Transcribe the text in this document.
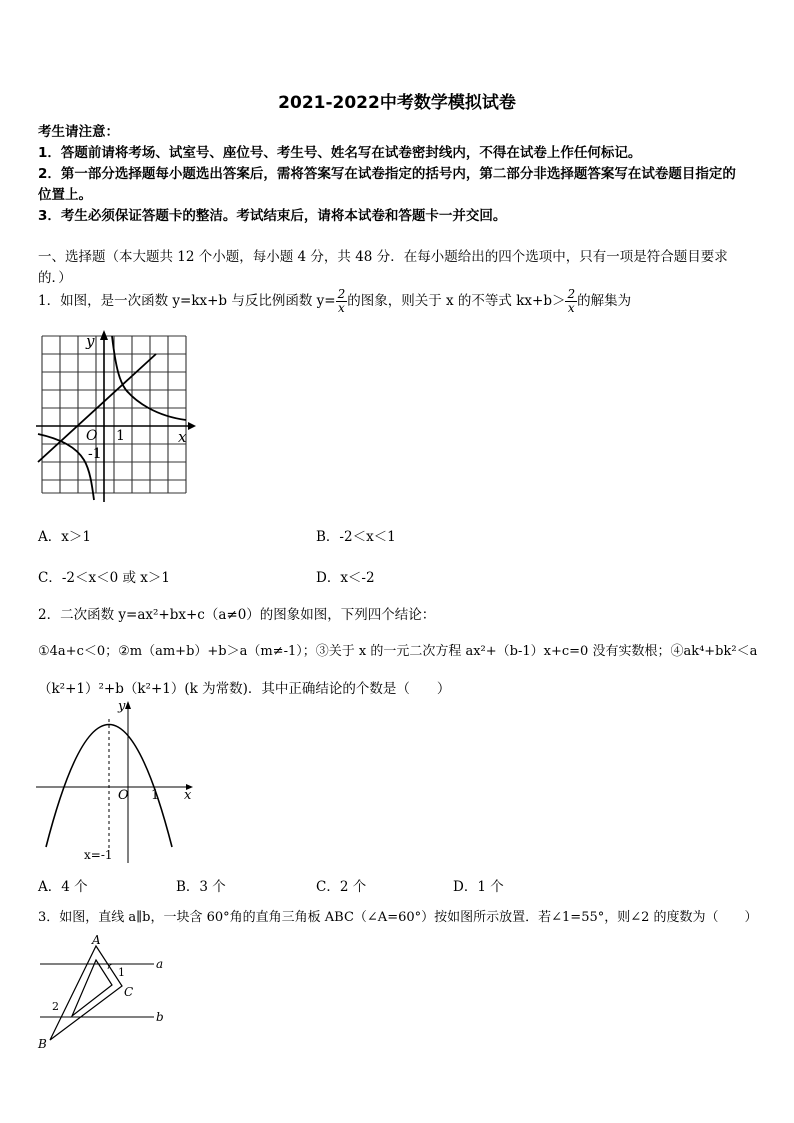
2021-2022中考数学模拟试卷
考生请注意：
1．答题前请将考场、试室号、座位号、考生号、姓名写在试卷密封线内，不得在试卷上作任何标记。
2．第一部分选择题每小题选出答案后，需将答案写在试卷指定的括号内，第二部分非选择题答案写在试卷题目指定的
位置上。
3．考生必须保证答题卡的整洁。考试结束后，请将本试卷和答题卡一并交回。
一、选择题（本大题共 12 个小题，每小题 4 分，共 48 分．在每小题给出的四个选项中，只有一项是符合题目要求
的．）
1．如图，是一次函数 y=kx+b 与反比例函数 $y= \frac{2}{x}$ 的图象，则关于 x 的不等式 $kx+b> \frac{2}{x}$ 的解集为
y
x
O 1
-1
A．x＞1	B．-2＜x＜1
C．-2＜x＜0 或 x＞1	D．x＜-2
2．二次函数 y=ax²+bx+c（a≠0）的图象如图，下列四个结论：
①4a+c＜0；②m（am+b）+b＞a（m≠-1）；③关于 x 的一元二次方程 ax²+（b-1）x+c=0 没有实数根；④ak⁴+bk²＜a
（k²+1）²+b（k²+1）(k 为常数)．其中正确结论的个数是（　　）
y
x
O 1
x=-1
A．4 个	B．3 个	C．2 个	D．1 个
3．如图，直线 a∥b，一块含 60°角的直角三角板 ABC（∠A=60°）按如图所示放置．若∠1=55°，则∠2 的度数为（　　）
A
C
B
a
b
1
2
